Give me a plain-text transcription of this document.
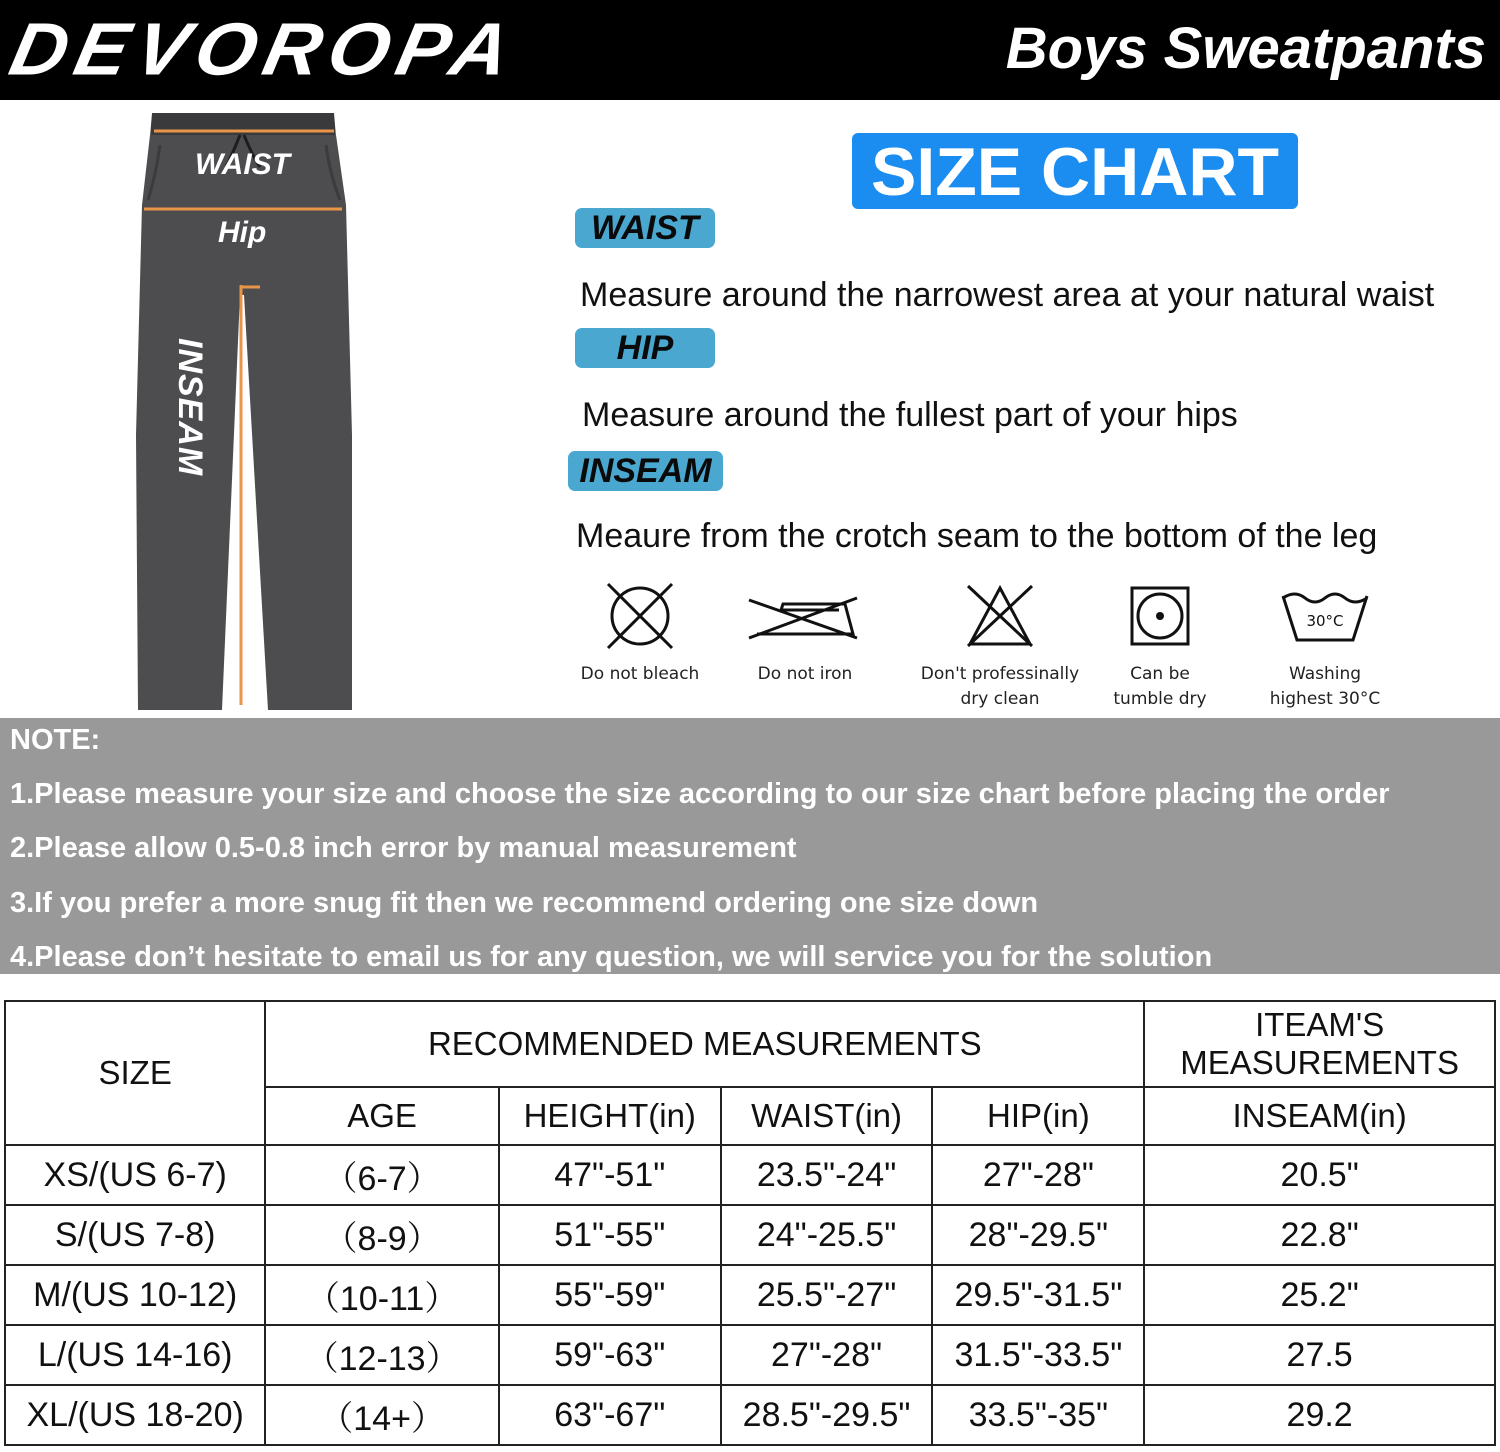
DEVOROPA	Boys Sweatpants
WAIST
Hip
INSEAM
SIZE CHART
WAIST
Measure around the narrowest area at your natural waist
HIP
Measure around the fullest part of your hips
INSEAM
Meaure from the crotch seam to the bottom of the leg
Do not bleach	Do not iron	Don't professinally
dry clean
Can be
tumble dry
30°C
Washing
highest 30°C
NOTE:
1.Please measure your size and choose the size according to our size chart before placing the order
2.Please allow 0.5-0.8 inch error by manual measurement
3.If you prefer a more snug fit then we recommend ordering one size down
4.Please don’t hesitate to email us for any question, we will service you for the solution
SIZE	RECOMMENDED MEASUREMENTS				ITEAM'S
MEASUREMENTS

	AGE	HEIGHT(in)	WAIST(in)	HIP(in)	INSEAM(in)
XS/(US 6-7)	（6-7）	47"-51"	23.5"-24"	27"-28"	20.5"
S/(US 7-8)	（8-9）	51"-55"	24"-25.5"	28"-29.5"	22.8"
M/(US 10-12)	（10-11）	55"-59"	25.5"-27"	29.5"-31.5"	25.2"
L/(US 14-16)	（12-13）	59"-63"	27"-28"	31.5"-33.5"	27.5
XL/(US 18-20)	（14+）	63"-67"	28.5"-29.5"	33.5"-35"	29.2
